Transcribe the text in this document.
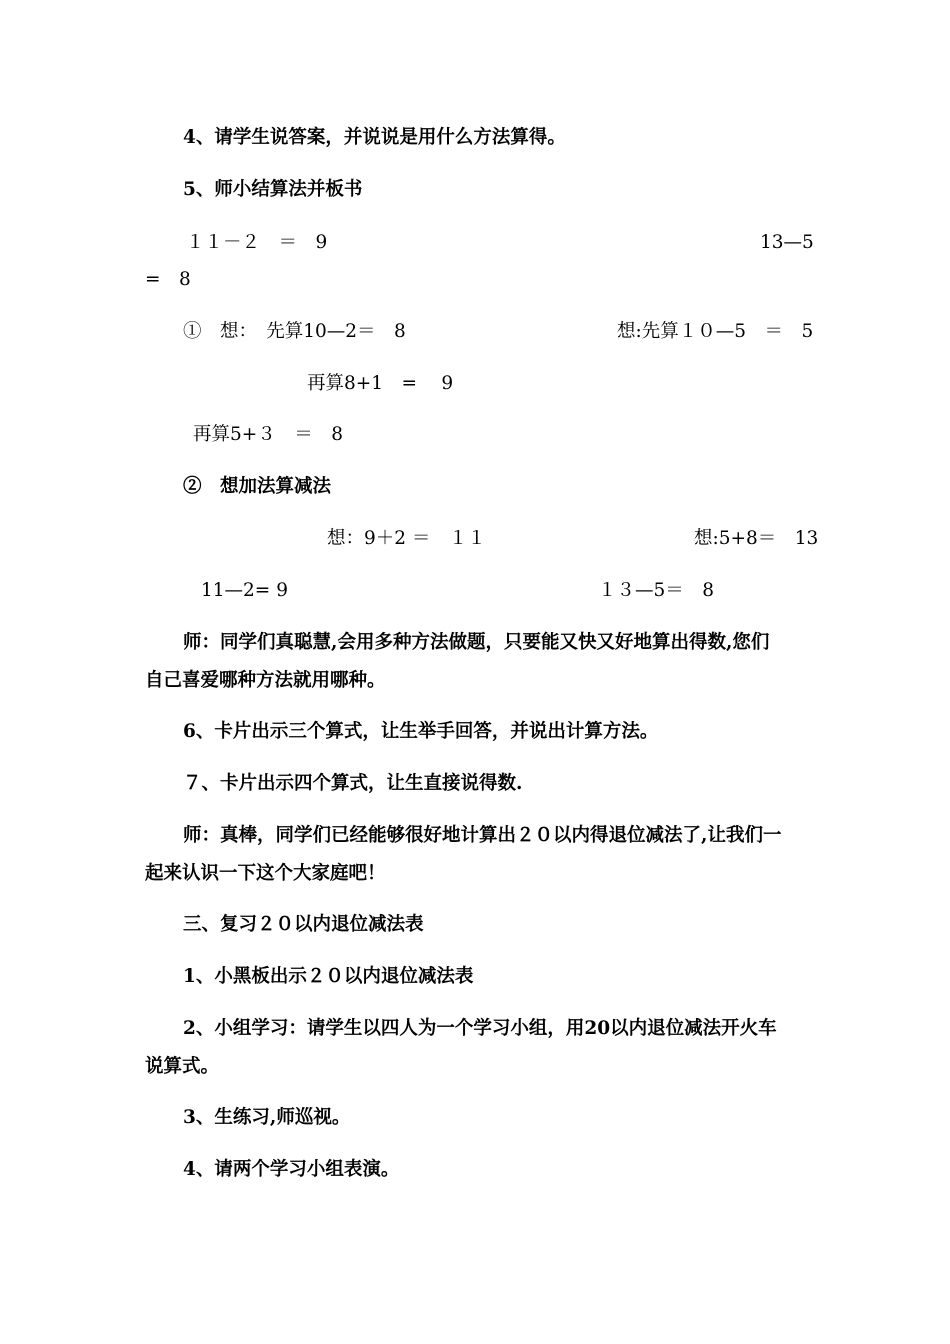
4、请学生说答案，并说说是用什么方法算得。
5、师小结算法并板书
１１－２　＝　9	13—5
=　8
①　想：　先算10—2＝　8	想:先算１０—5　＝　5
再算8+1　=　 9
再算5+３　＝　8
②　想加法算减法
想：9＋2 ＝　１１	想:5+8＝　13
11—2= 9	１３—5＝　8
师：同学们真聪慧,会用多种方法做题，只要能又快又好地算出得数,您们
自己喜爱哪种方法就用哪种。
6、卡片出示三个算式，让生举手回答，并说出计算方法。
７、卡片出示四个算式，让生直接说得数.
师：真棒，同学们已经能够很好地计算出２０以内得退位减法了,让我们一
起来认识一下这个大家庭吧！
三、复习２０以内退位减法表
1、小黑板出示２０以内退位减法表
2、小组学习：请学生以四人为一个学习小组，用20以内退位减法开火车
说算式。
3、生练习,师巡视。
4、请两个学习小组表演。
